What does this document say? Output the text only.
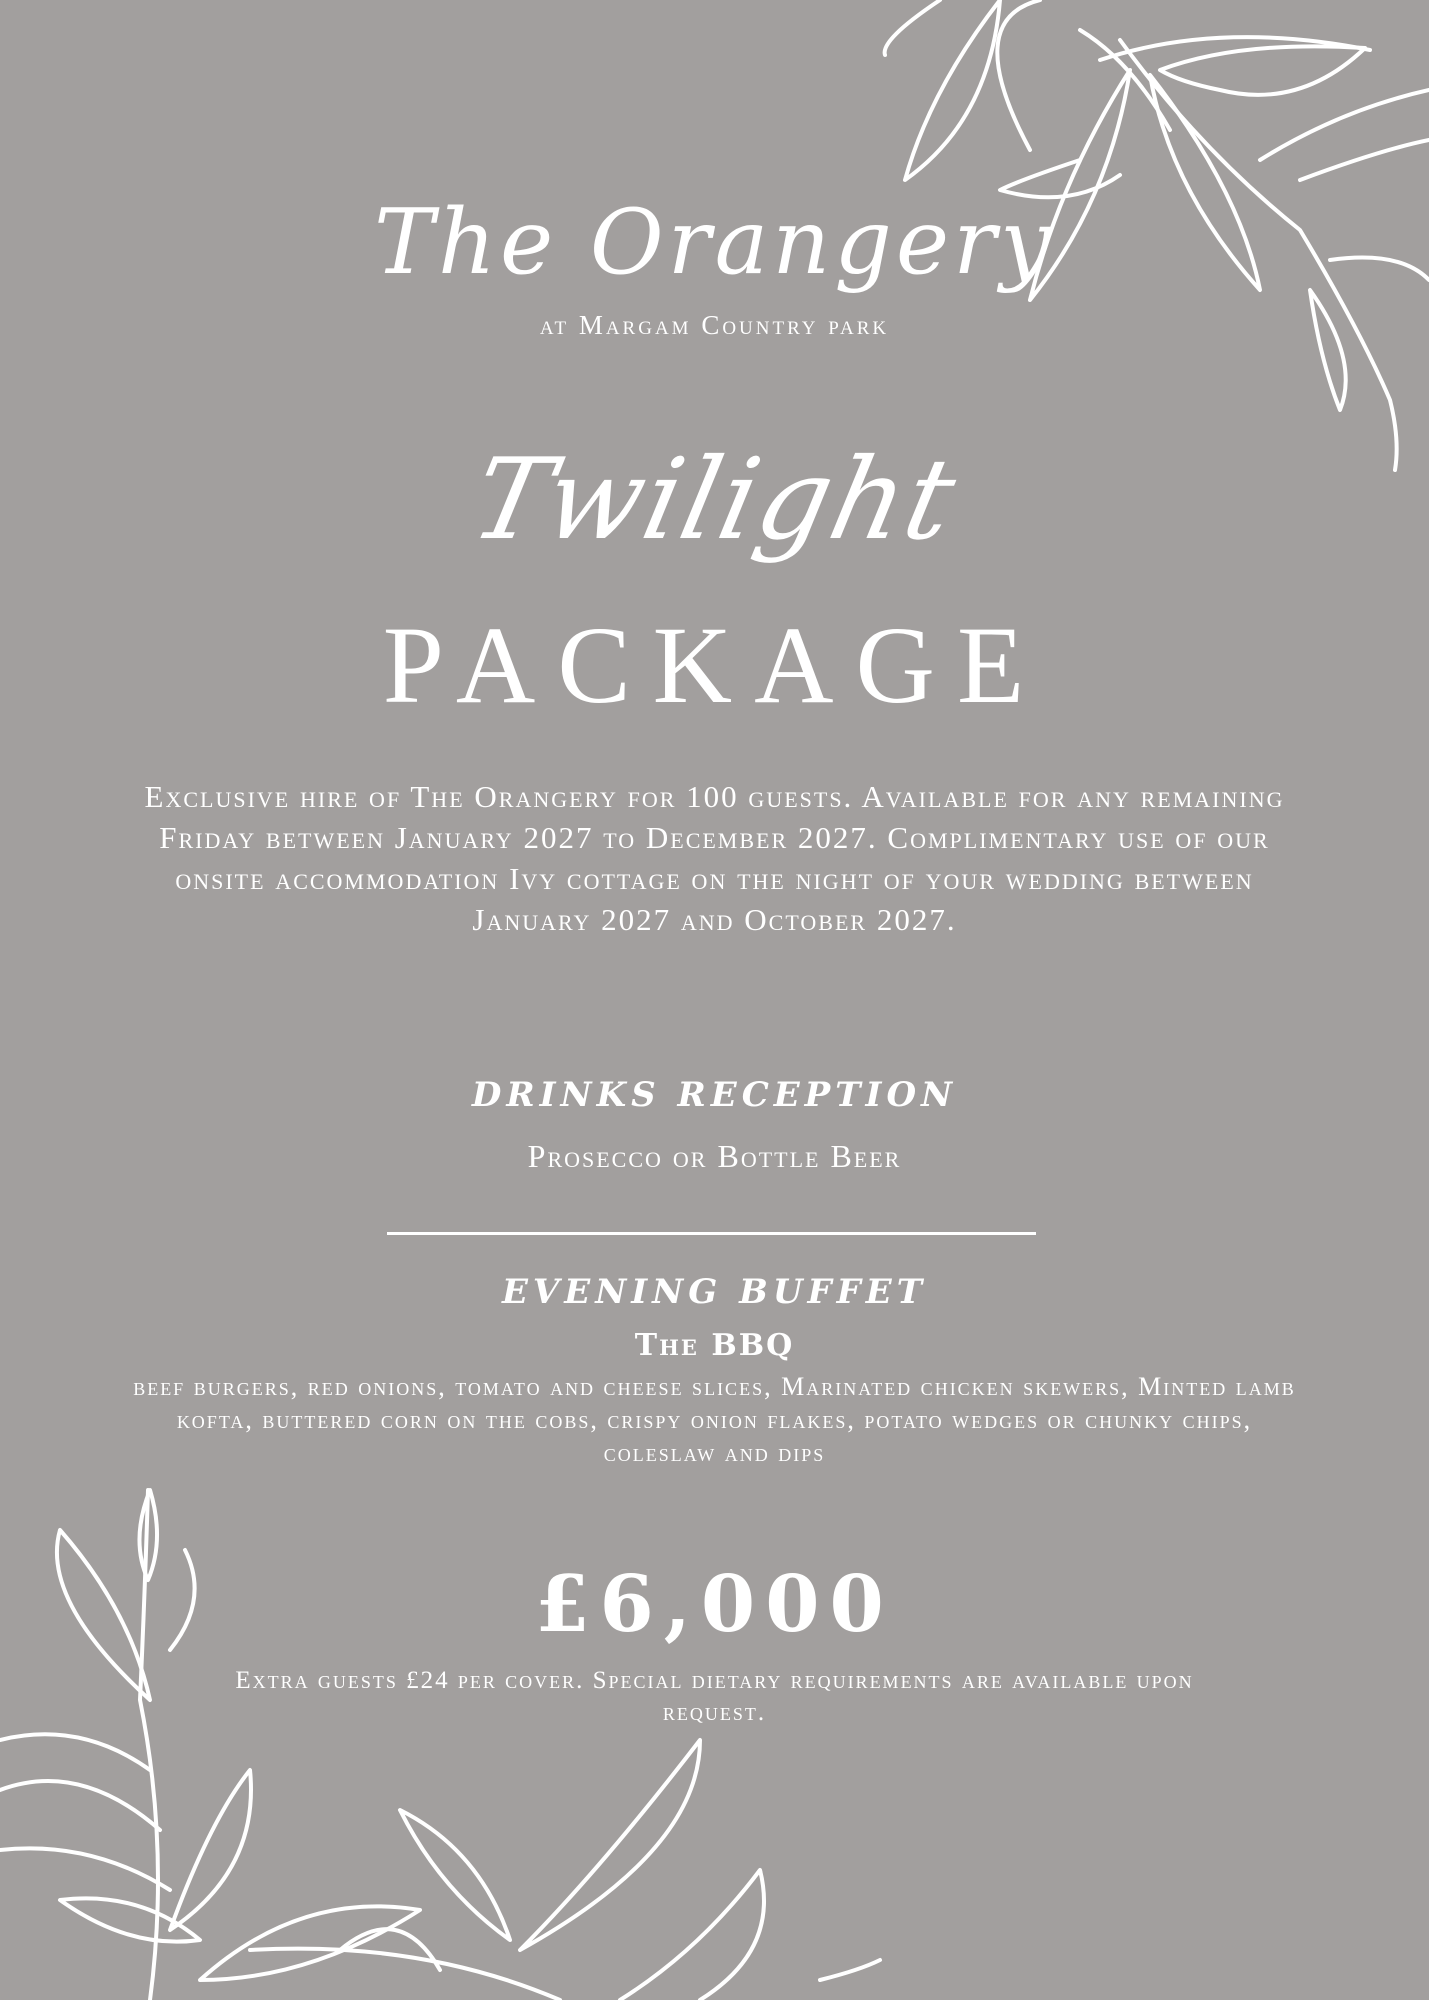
The Orangery
at Margam Country park
Twilight
PACKAGE
Exclusive hire of The Orangery for 100 guests. Available for any remaining Friday between January 2027 to December 2027. Complimentary use of our onsite accommodation Ivy cottage on the night of your wedding between January 2027 and October 2027.
DRINKS RECEPTION
Prosecco or Bottle Beer
EVENING BUFFET
The BBQ
beef burgers, red onions, tomato and cheese slices, Marinated chicken skewers, Minted lamb kofta, buttered corn on the cobs, crispy onion flakes, potato wedges or chunky chips, coleslaw and dips
£6,000
Extra guests £24 per cover. Special dietary requirements are available upon request.
